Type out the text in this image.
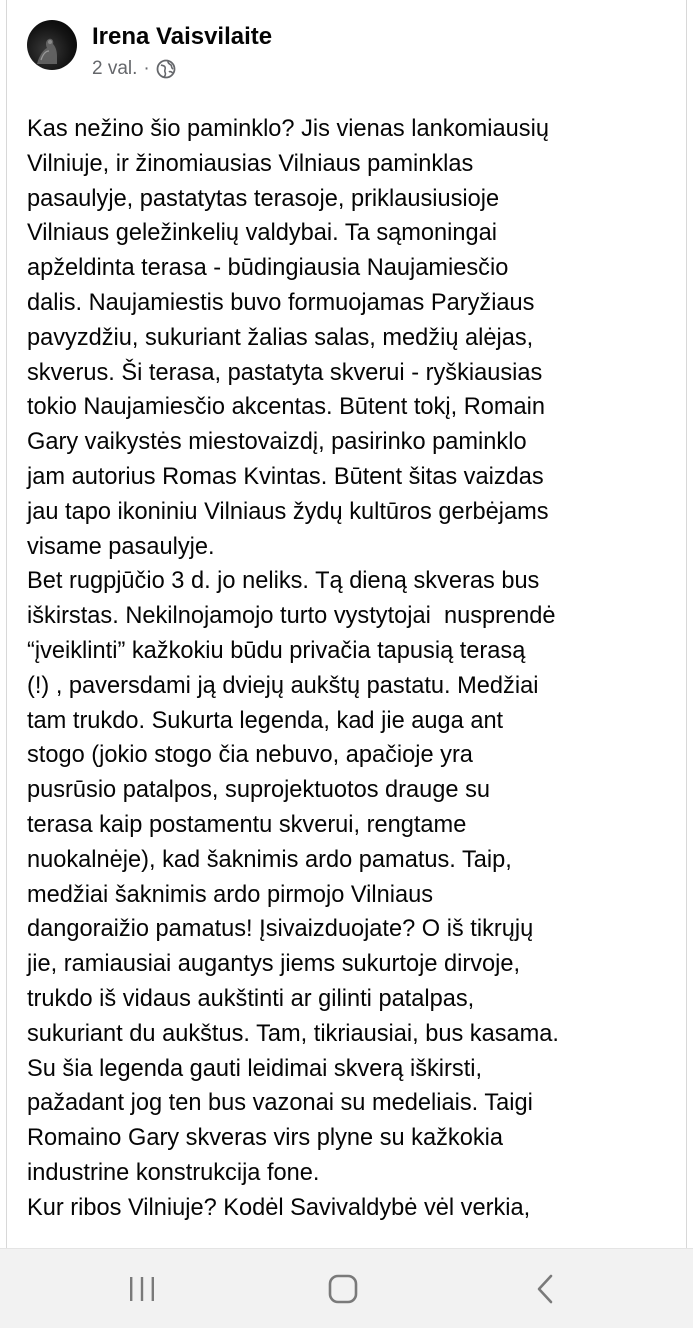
Irena Vaisvilaite
2 val. ·
Kas nežino šio paminklo? Jis vienas lankomiausių
Vilniuje, ir žinomiausias Vilniaus paminklas
pasaulyje, pastatytas terasoje, priklausiusioje
Vilniaus geležinkelių valdybai. Ta sąmoningai
apželdinta terasa - būdingiausia Naujamiesčio
dalis. Naujamiestis buvo formuojamas Paryžiaus
pavyzdžiu, sukuriant žalias salas, medžių alėjas,
skverus. Ši terasa, pastatyta skverui - ryškiausias
tokio Naujamiesčio akcentas. Būtent tokį, Romain
Gary vaikystės miestovaizdį, pasirinko paminklo
jam autorius Romas Kvintas. Būtent šitas vaizdas
jau tapo ikoniniu Vilniaus žydų kultūros gerbėjams
visame pasaulyje.
Bet rugpjūčio 3 d. jo neliks. Tą dieną skveras bus
iškirstas. Nekilnojamojo turto vystytojai  nusprendė
“įveiklinti” kažkokiu būdu privačia tapusią terasą
(!) , paversdami ją dviejų aukštų pastatu. Medžiai
tam trukdo. Sukurta legenda, kad jie auga ant
stogo (jokio stogo čia nebuvo, apačioje yra
pusrūsio patalpos, suprojektuotos drauge su
terasa kaip postamentu skverui, rengtame
nuokalnėje), kad šaknimis ardo pamatus. Taip,
medžiai šaknimis ardo pirmojo Vilniaus
dangoraižio pamatus! Įsivaizduojate? O iš tikrųjų
jie, ramiausiai augantys jiems sukurtoje dirvoje,
trukdo iš vidaus aukštinti ar gilinti patalpas,
sukuriant du aukštus. Tam, tikriausiai, bus kasama.
Su šia legenda gauti leidimai skverą iškirsti,
pažadant jog ten bus vazonai su medeliais. Taigi
Romaino Gary skveras virs plyne su kažkokia
industrine konstrukcija fone.
Kur ribos Vilniuje? Kodėl Savivaldybė vėl verkia,
